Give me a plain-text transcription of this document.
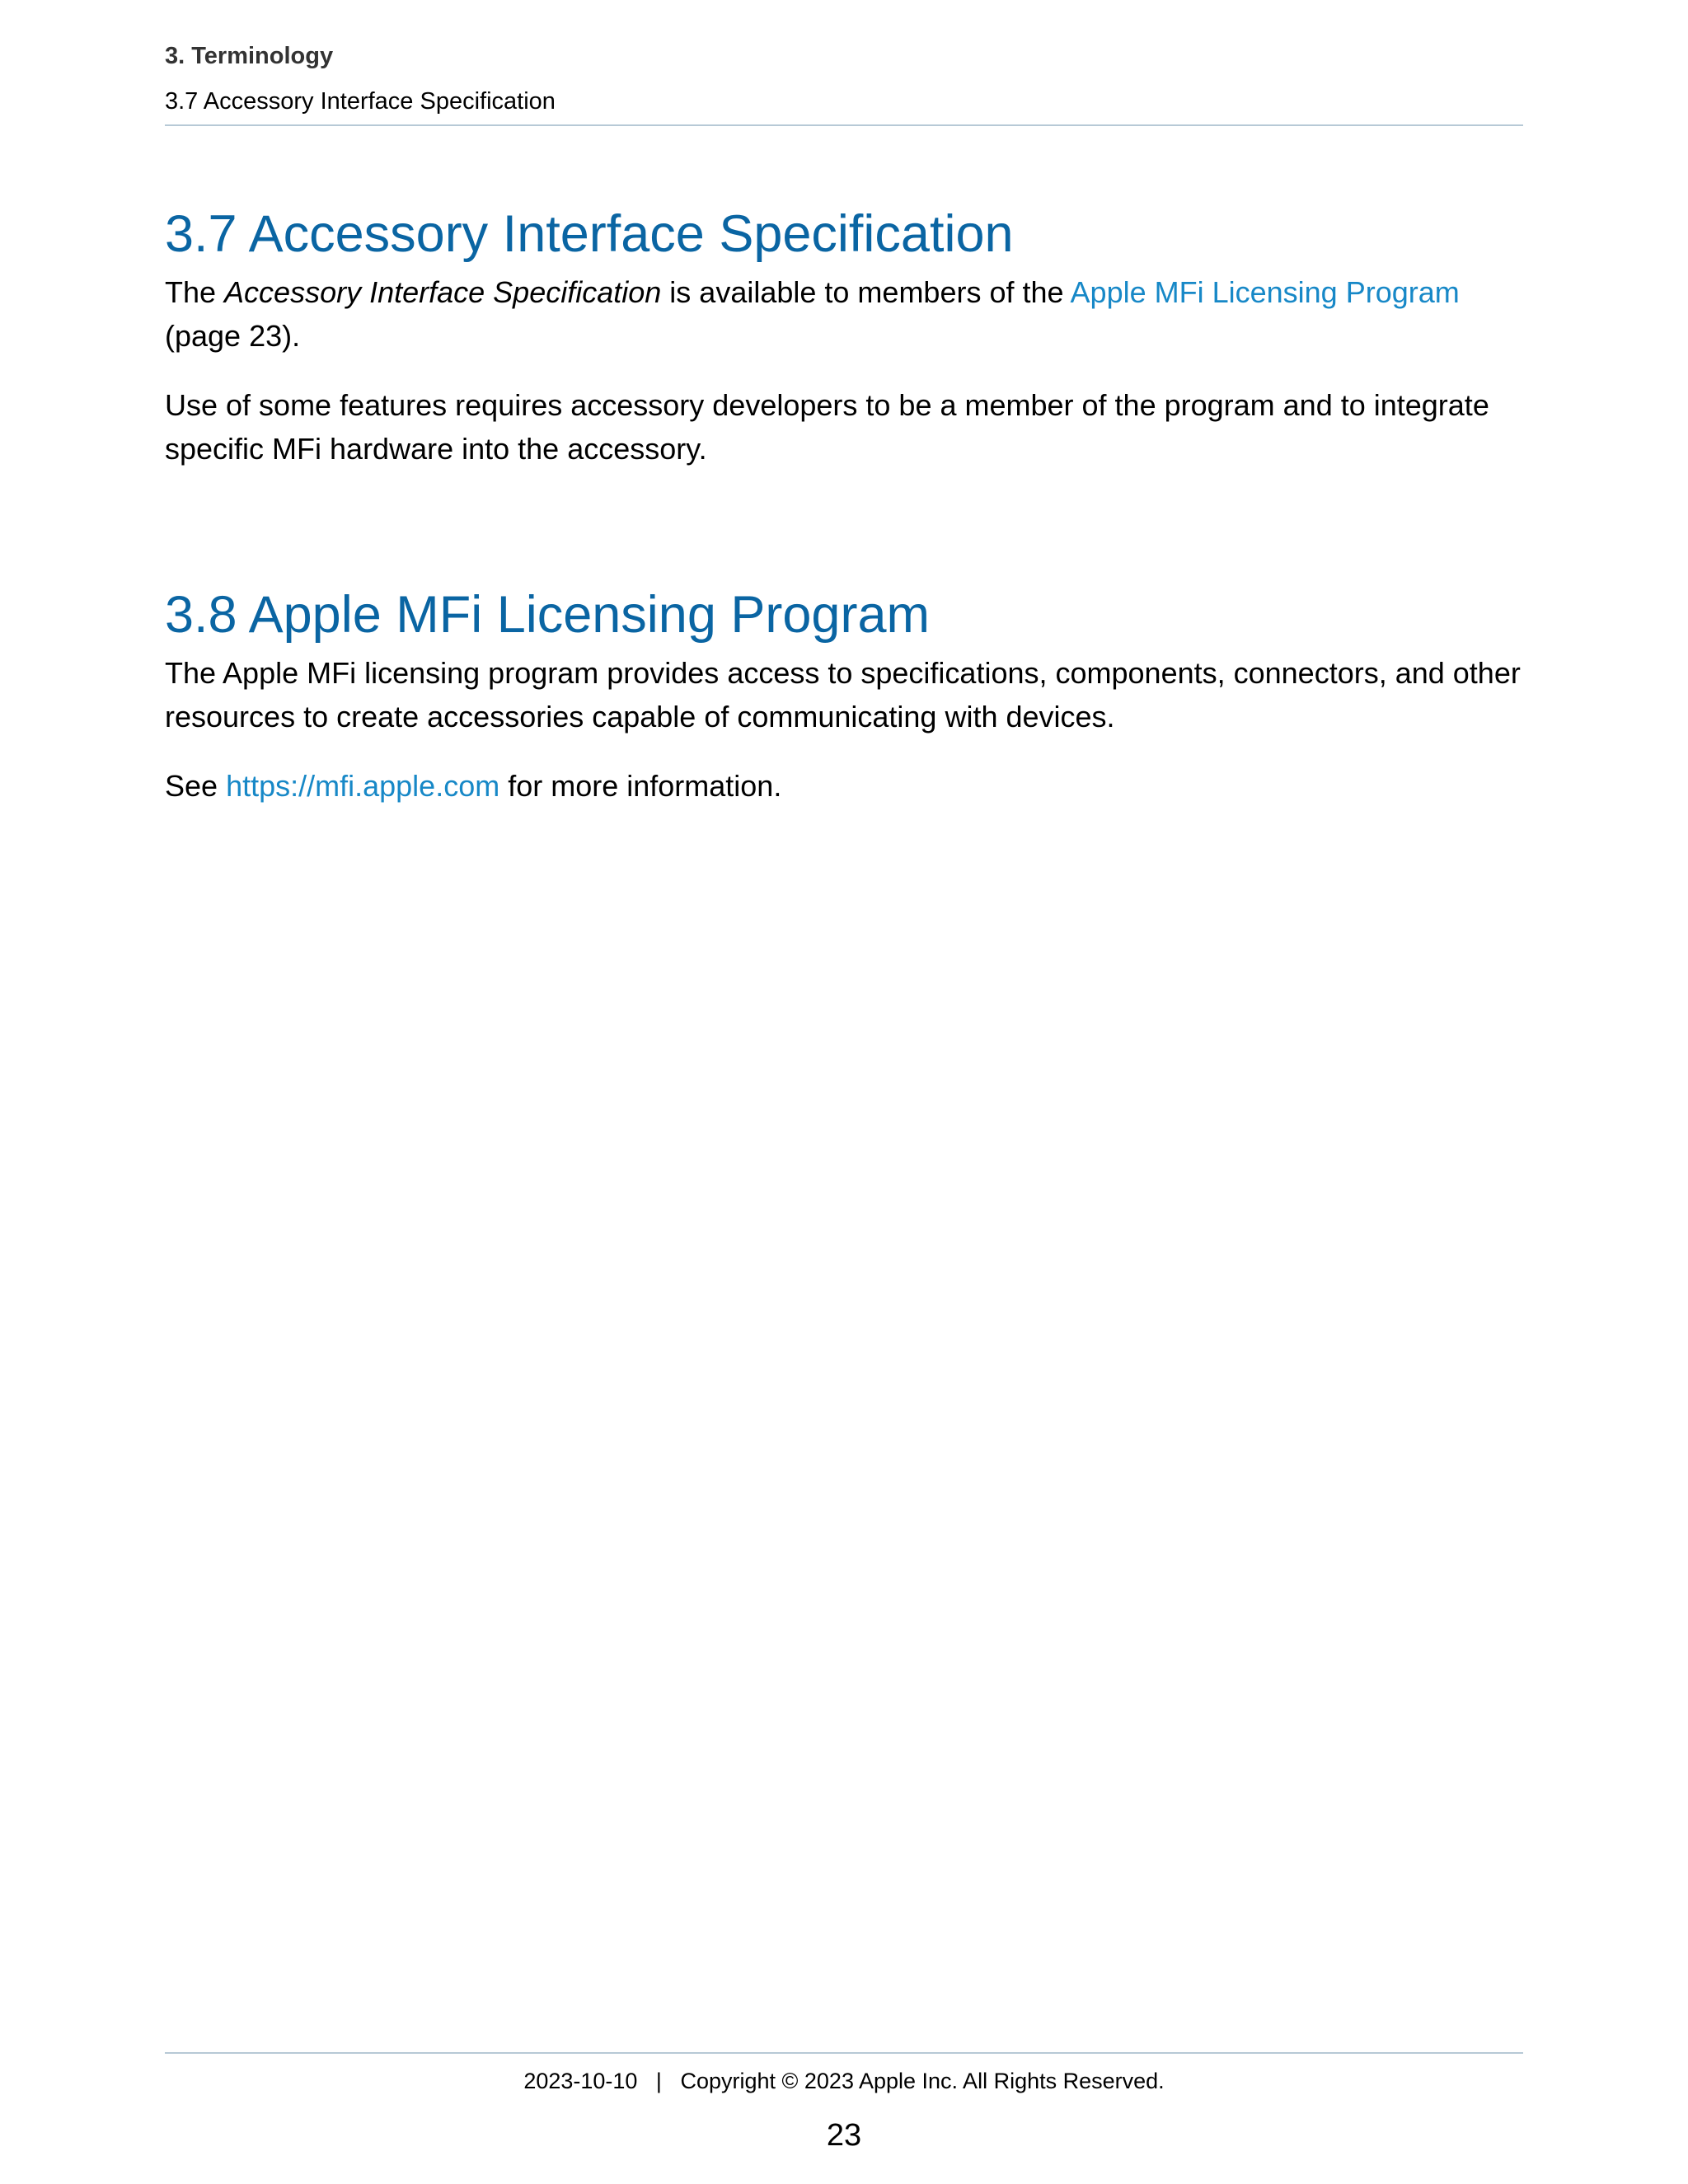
3. Terminology
3.7 Accessory Interface Specification
3.7 Accessory Interface Specification

The Accessory Interface Specification is available to members of the Apple MFi Licensing Program (page 23).

Use of some features requires accessory developers to be a member of the program and to integrate specific MFi hardware into the accessory.

3.8 Apple MFi Licensing Program

The Apple MFi licensing program provides access to specifications, components, connectors, and other resources to create accessories capable of communicating with devices.

See https://mfi.apple.com for more information.

2023-10-10   |   Copyright © 2023 Apple Inc. All Rights Reserved.
23
